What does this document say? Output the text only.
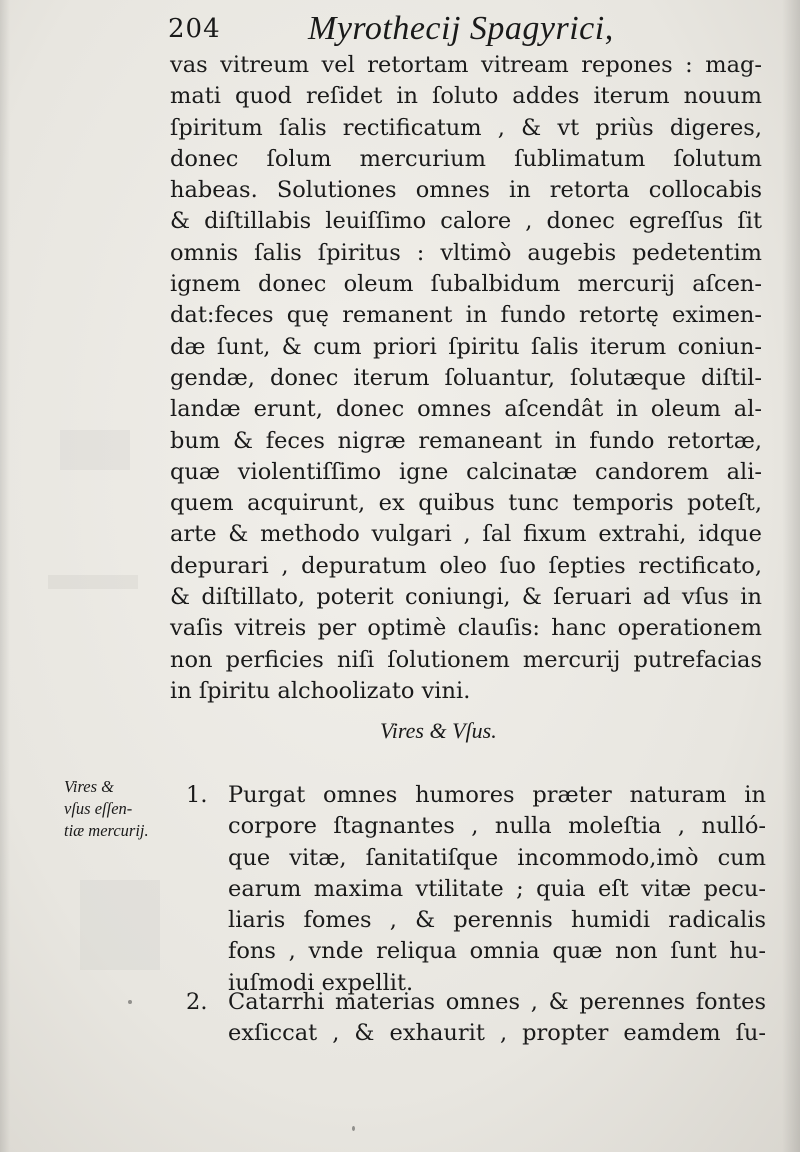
204	Myrothecij Spagyrici,
vas vitreum vel retortam vitream repones : mag-
mati quod reſidet in ſoluto addes iterum nouum
ſpiritum ſalis rectificatum , & vt priùs digeres,
donec ſolum mercurium ſublimatum ſolutum
habeas. Solutiones omnes in retorta collocabis
& diſtillabis leuiſſimo calore , donec egreſſus ſit
omnis ſalis ſpiritus : vltimò augebis pedetentim
ignem donec oleum ſubalbidum mercurij aſcen-
dat:feces quę remanent in fundo retortę eximen-
dæ ſunt, & cum priori ſpiritu ſalis iterum coniun-
gendæ, donec iterum ſoluantur, ſolutæque diſtil-
landæ erunt, donec omnes aſcendât in oleum al-
bum & feces nigræ remaneant in fundo retortæ,
quæ violentiſſimo igne calcinatæ candorem ali-
quem acquirunt, ex quibus tunc temporis poteſt,
arte & methodo vulgari , ſal fixum extrahi, idque
depurari , depuratum oleo ſuo ſepties rectificato,
& diſtillato, poterit coniungi, & ſeruari ad vſus in
vaſis vitreis per optimè clauſis: hanc operationem
non perficies niſi ſolutionem mercurij putrefacias
in ſpiritu alchoolizato vini.
Vires & Vſus.
Vires &
vſus eſſen-
tiæ mercurij.
1. Purgat omnes humores præter naturam in
corpore ſtagnantes , nulla moleſtia , nulló-
que vitæ, ſanitatiſque incommodo,imò cum
earum maxima vtilitate ; quia eſt vitæ pecu-
liaris fomes , & perennis humidi radicalis
fons , vnde reliqua omnia quæ non ſunt hu-
iuſmodi expellit.
2. Catarrhi materias omnes , & perennes fontes
exſiccat , & exhaurit , propter eamdem ſu-
